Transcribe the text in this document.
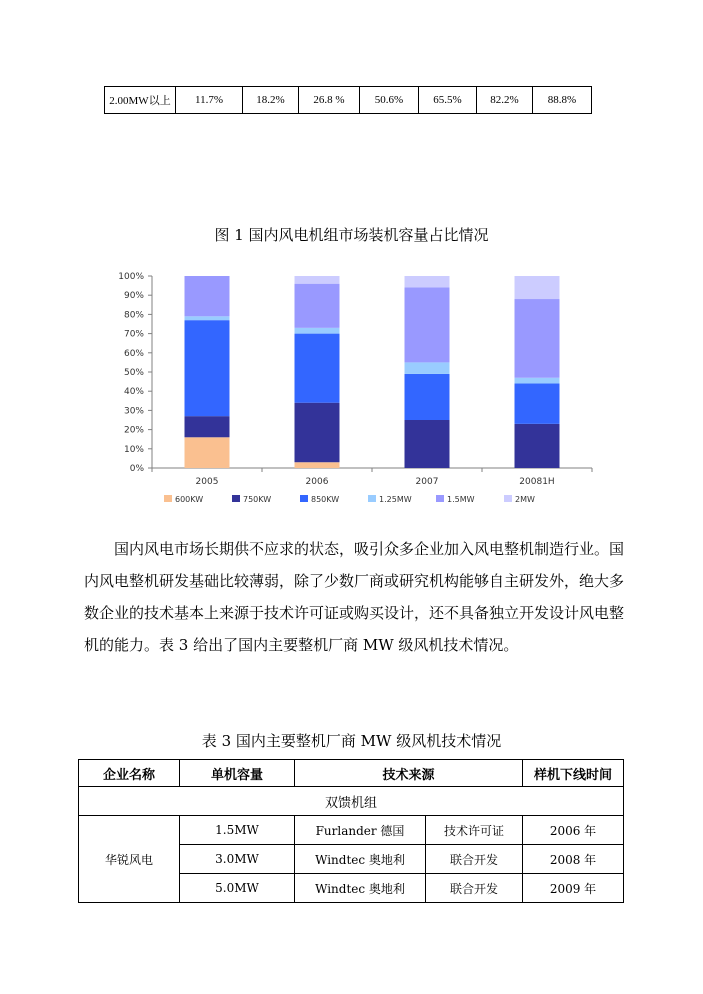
2.00MW以上	11.7%	18.2%	26.8 %	50.6%	65.5%	82.2%	88.8%
图 1 国内风电机组市场装机容量占比情况
0%
10%
20%
30%
40%
50%
60%
70%
80%
90%
100%
2005	2006	2007	20081H
600KW	750KW	850KW	1.25MW	1.5MW	2MW

国内风电市场长期供不应求的状态，吸引众多企业加入风电整机制造行业。国内风电整机研发基础比较薄弱，除了少数厂商或研究机构能够自主研发外，绝大多数企业的技术基本上来源于技术许可证或购买设计，还不具备独立开发设计风电整机的能力。表 3 给出了国内主要整机厂商 MW 级风机技术情况。

表 3 国内主要整机厂商 MW 级风机技术情况
企业名称	单机容量	技术来源		样机下线时间
双馈机组				
华锐风电	1.5MW	Furlander 德国	技术许可证	2006 年
	3.0MW	Windtec 奥地利	联合开发	2008 年
	5.0MW	Windtec 奥地利	联合开发	2009 年
